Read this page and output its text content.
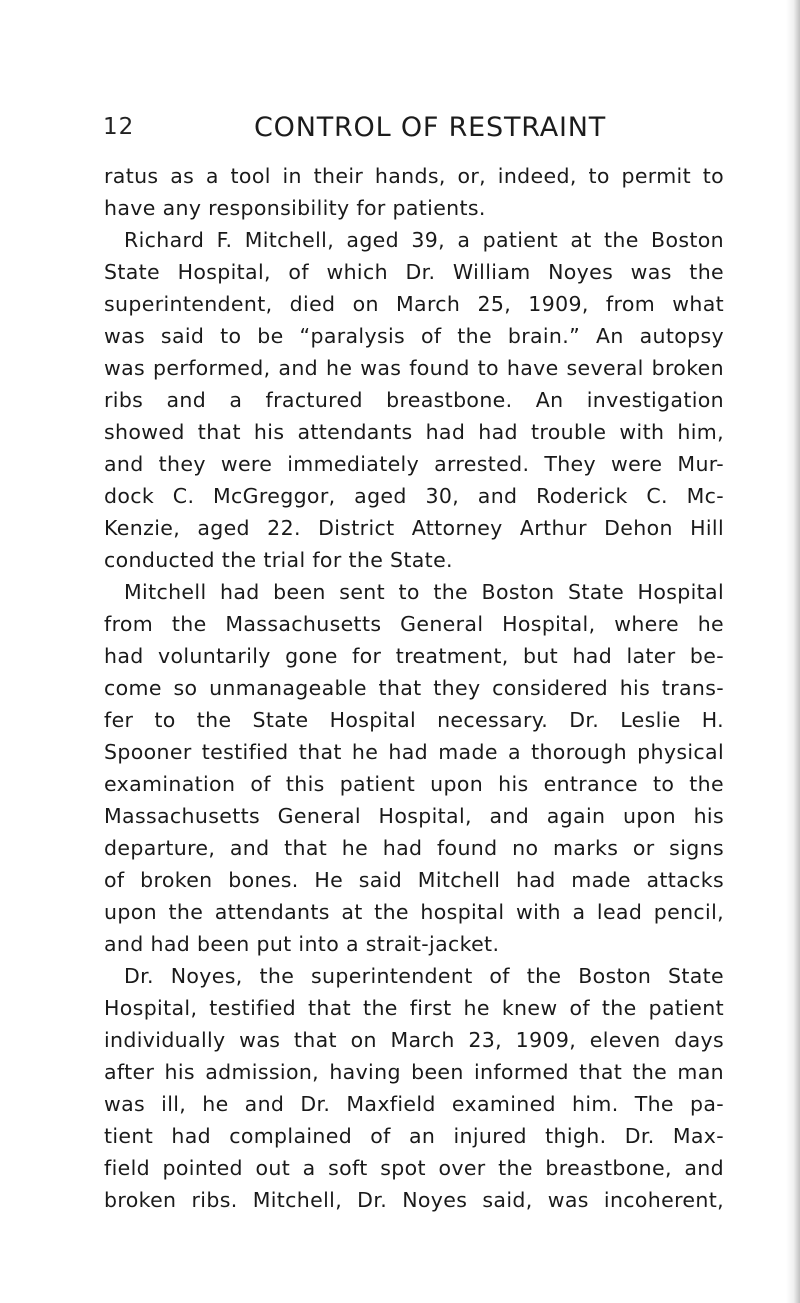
12	CONTROL OF RESTRAINT
ratus as a tool in their hands, or, indeed, to permit to
have any responsibility for patients.
Richard F. Mitchell, aged 39, a patient at the Boston
State Hospital, of which Dr. William Noyes was the
superintendent, died on March 25, 1909, from what
was said to be “paralysis of the brain.” An autopsy
was performed, and he was found to have several broken
ribs and a fractured breastbone. An investigation
showed that his attendants had had trouble with him,
and they were immediately arrested. They were Mur-
dock C. McGreggor, aged 30, and Roderick C. Mc-
Kenzie, aged 22. District Attorney Arthur Dehon Hill
conducted the trial for the State.
Mitchell had been sent to the Boston State Hospital
from the Massachusetts General Hospital, where he
had voluntarily gone for treatment, but had later be-
come so unmanageable that they considered his trans-
fer to the State Hospital necessary. Dr. Leslie H.
Spooner testified that he had made a thorough physical
examination of this patient upon his entrance to the
Massachusetts General Hospital, and again upon his
departure, and that he had found no marks or signs
of broken bones. He said Mitchell had made attacks
upon the attendants at the hospital with a lead pencil,
and had been put into a strait-jacket.
Dr. Noyes, the superintendent of the Boston State
Hospital, testified that the first he knew of the patient
individually was that on March 23, 1909, eleven days
after his admission, having been informed that the man
was ill, he and Dr. Maxfield examined him. The pa-
tient had complained of an injured thigh. Dr. Max-
field pointed out a soft spot over the breastbone, and
broken ribs. Mitchell, Dr. Noyes said, was incoherent,
